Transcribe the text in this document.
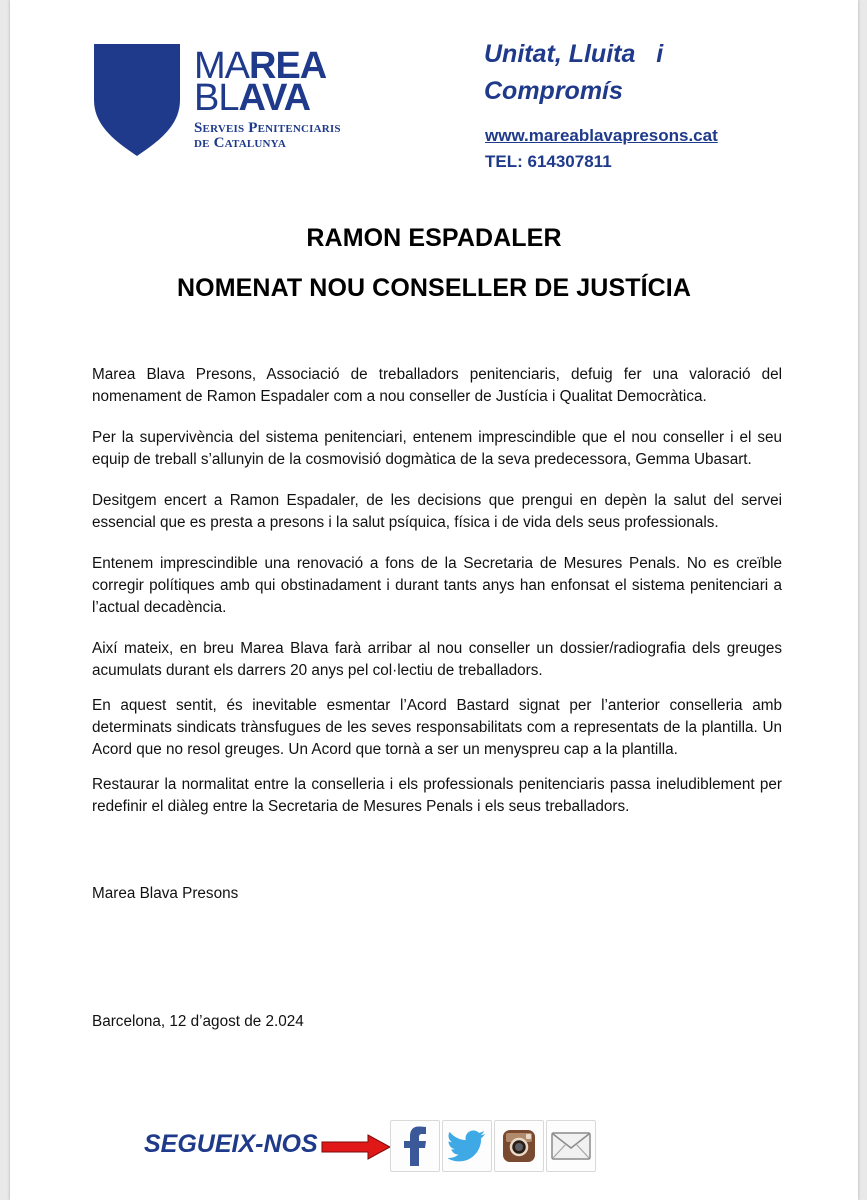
MAREA
BLAVA
Serveis Penitenciaris
de Catalunya
Unitat, Lluita   i
Compromís
www.mareablavapresons.cat
TEL: 614307811
RAMON ESPADALER
NOMENAT NOU CONSELLER DE JUSTÍCIA

Marea Blava Presons, Associació de treballadors penitenciaris, defuig fer una valoració del nomenament de Ramon Espadaler com a nou conseller de Justícia i Qualitat Democràtica.

Per la supervivència del sistema penitenciari, entenem imprescindible que el nou conseller i el seu equip de treball s’allunyin de la cosmovisió dogmàtica de la seva predecessora, Gemma Ubasart.

Desitgem encert a Ramon Espadaler, de les decisions que prengui en depèn la salut del servei essencial que es presta a presons i la salut psíquica, física i de vida dels seus professionals.

Entenem imprescindible una renovació a fons de la Secretaria de Mesures Penals. No es creïble corregir polítiques amb qui obstinadament i durant tants anys han enfonsat el sistema penitenciari a l’actual decadència.

Així mateix, en breu Marea Blava farà arribar al nou conseller un dossier/radiografia dels greuges acumulats durant els darrers 20 anys pel col·lectiu de treballadors.

En aquest sentit, és inevitable esmentar l’Acord Bastard signat per l’anterior conselleria amb determinats sindicats trànsfugues de les seves responsabilitats com a representats de la plantilla. Un Acord que no resol greuges. Un Acord que tornà a ser un menyspreu cap a la plantilla.

Restaurar la normalitat entre la conselleria i els professionals penitenciaris passa ineludiblement per redefinir el diàleg entre la Secretaria de Mesures Penals i els seus treballadors.

Marea Blava Presons
Barcelona, 12 d’agost de 2.024
SEGUEIX-NOS
